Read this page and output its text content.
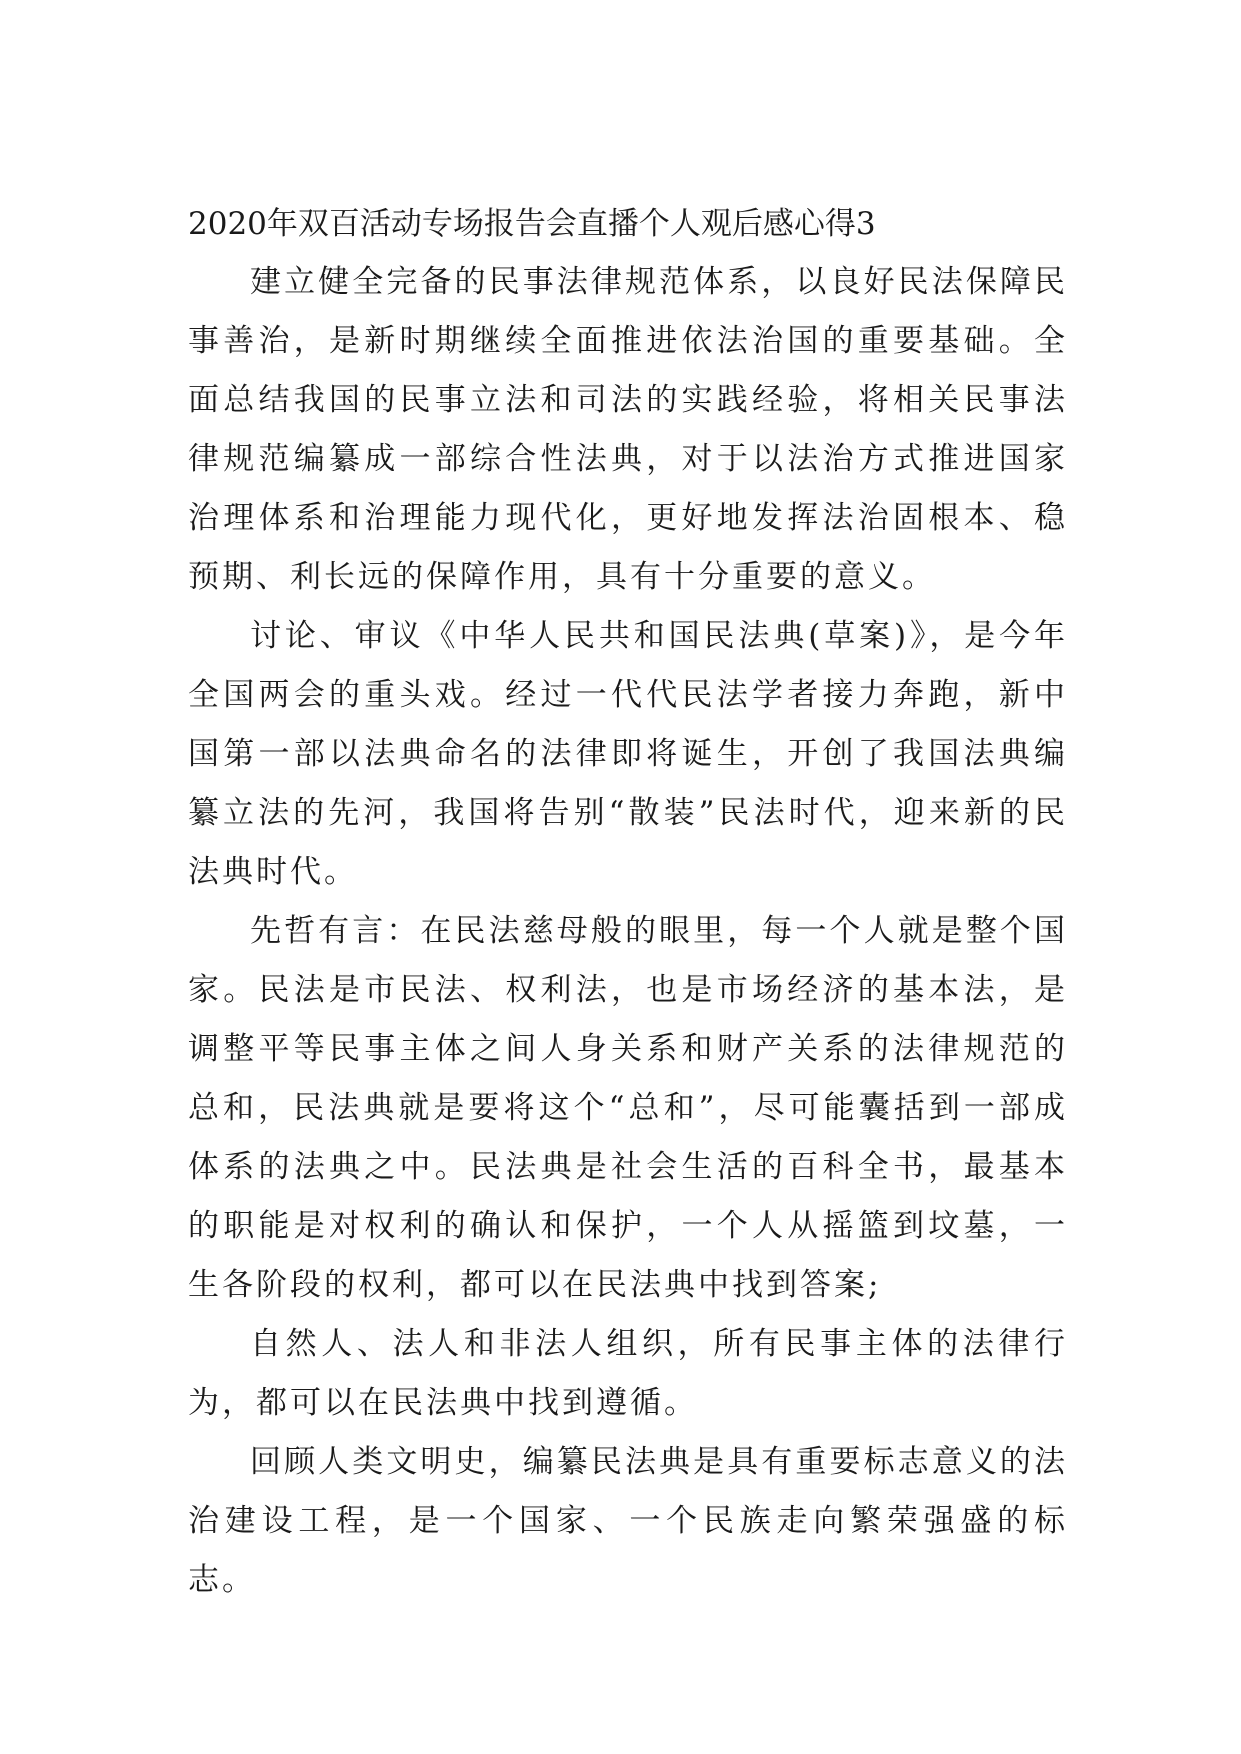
2020年双百活动专场报告会直播个人观后感心得3

建立健全完备的民事法律规范体系，以良好民法保障民事善治，是新时期继续全面推进依法治国的重要基础。全面总结我国的民事立法和司法的实践经验，将相关民事法律规范编纂成一部综合性法典，对于以法治方式推进国家治理体系和治理能力现代化，更好地发挥法治固根本、稳预期、利长远的保障作用，具有十分重要的意义。

讨论、审议《中华人民共和国民法典(草案)》，是今年全国两会的重头戏。经过一代代民法学者接力奔跑，新中国第一部以法典命名的法律即将诞生，开创了我国法典编纂立法的先河，我国将告别“散装”民法时代，迎来新的民法典时代。

先哲有言：在民法慈母般的眼里，每一个人就是整个国家。民法是市民法、权利法，也是市场经济的基本法，是调整平等民事主体之间人身关系和财产关系的法律规范的总和，民法典就是要将这个“总和”，尽可能囊括到一部成体系的法典之中。民法典是社会生活的百科全书，最基本的职能是对权利的确认和保护，一个人从摇篮到坟墓，一生各阶段的权利，都可以在民法典中找到答案;

自然人、法人和非法人组织，所有民事主体的法律行为，都可以在民法典中找到遵循。

回顾人类文明史，编纂民法典是具有重要标志意义的法治建设工程，是一个国家、一个民族走向繁荣强盛的标志。
